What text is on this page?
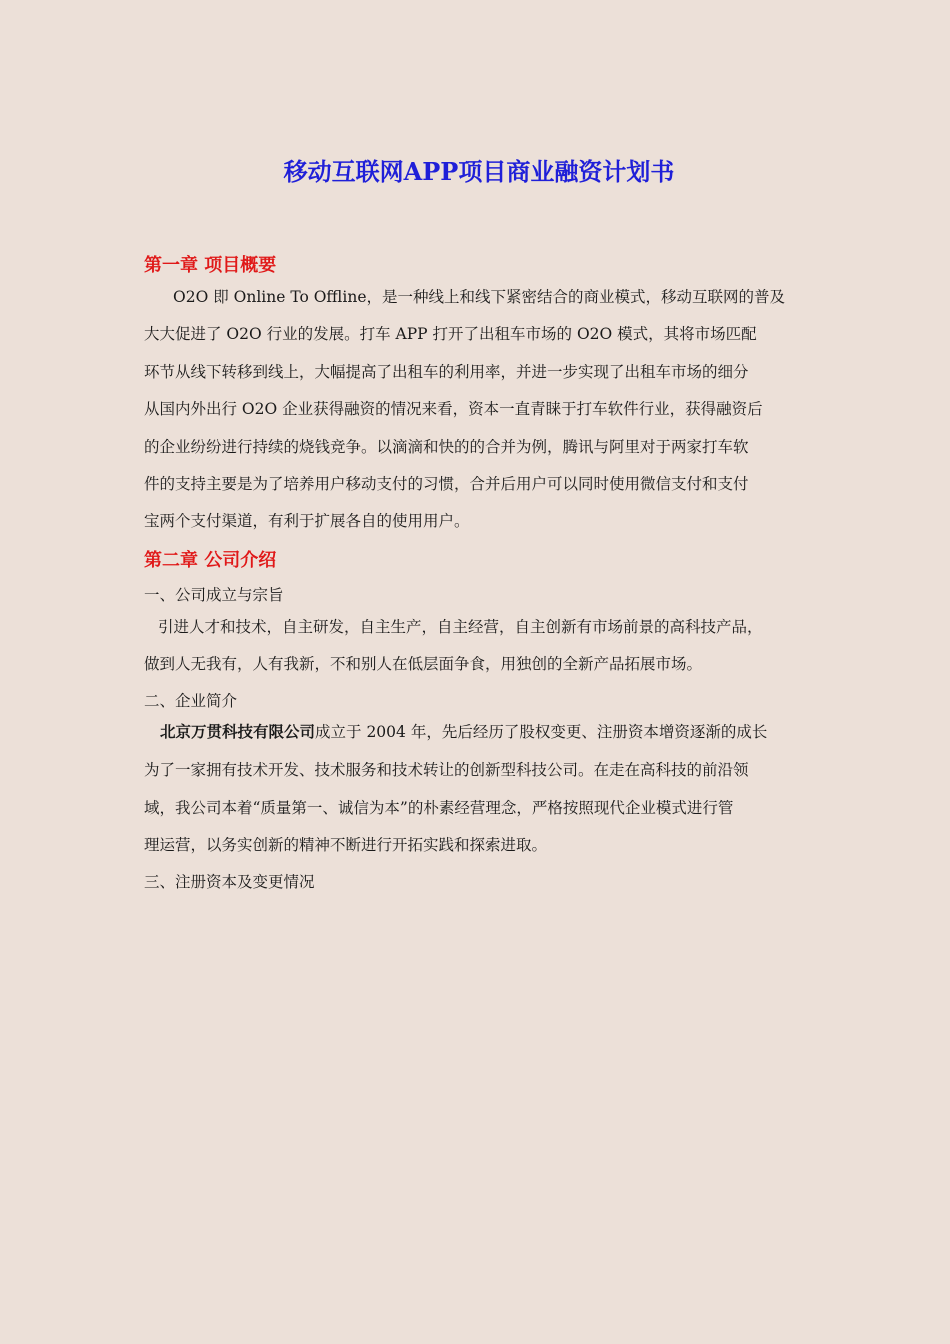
移动互联网APP项目商业融资计划书
第一章 项目概要

O2O 即 Online To Offline，是一种线上和线下紧密结合的商业模式，移动互联网的普及

大大促进了 O2O 行业的发展。打车 APP 打开了出租车市场的 O2O 模式，其将市场匹配

环节从线下转移到线上，大幅提高了出租车的利用率，并进一步实现了出租车市场的细分

从国内外出行 O2O 企业获得融资的情况来看，资本一直青睐于打车软件行业，获得融资后

的企业纷纷进行持续的烧钱竞争。以滴滴和快的的合并为例，腾讯与阿里对于两家打车软

件的支持主要是为了培养用户移动支付的习惯，合并后用户可以同时使用微信支付和支付

宝两个支付渠道，有利于扩展各自的使用用户。

第二章 公司介绍

一、公司成立与宗旨

引进人才和技术，自主研发，自主生产，自主经营，自主创新有市场前景的高科技产品，

做到人无我有，人有我新，不和别人在低层面争食，用独创的全新产品拓展市场。

二、企业简介

北京万贯科技有限公司成立于 2004 年，先后经历了股权变更、注册资本增资逐渐的成长

为了一家拥有技术开发、技术服务和技术转让的创新型科技公司。在走在高科技的前沿领

域，我公司本着“质量第一、诚信为本”的朴素经营理念，严格按照现代企业模式进行管

理运营，以务实创新的精神不断进行开拓实践和探索进取。

三、注册资本及变更情况
